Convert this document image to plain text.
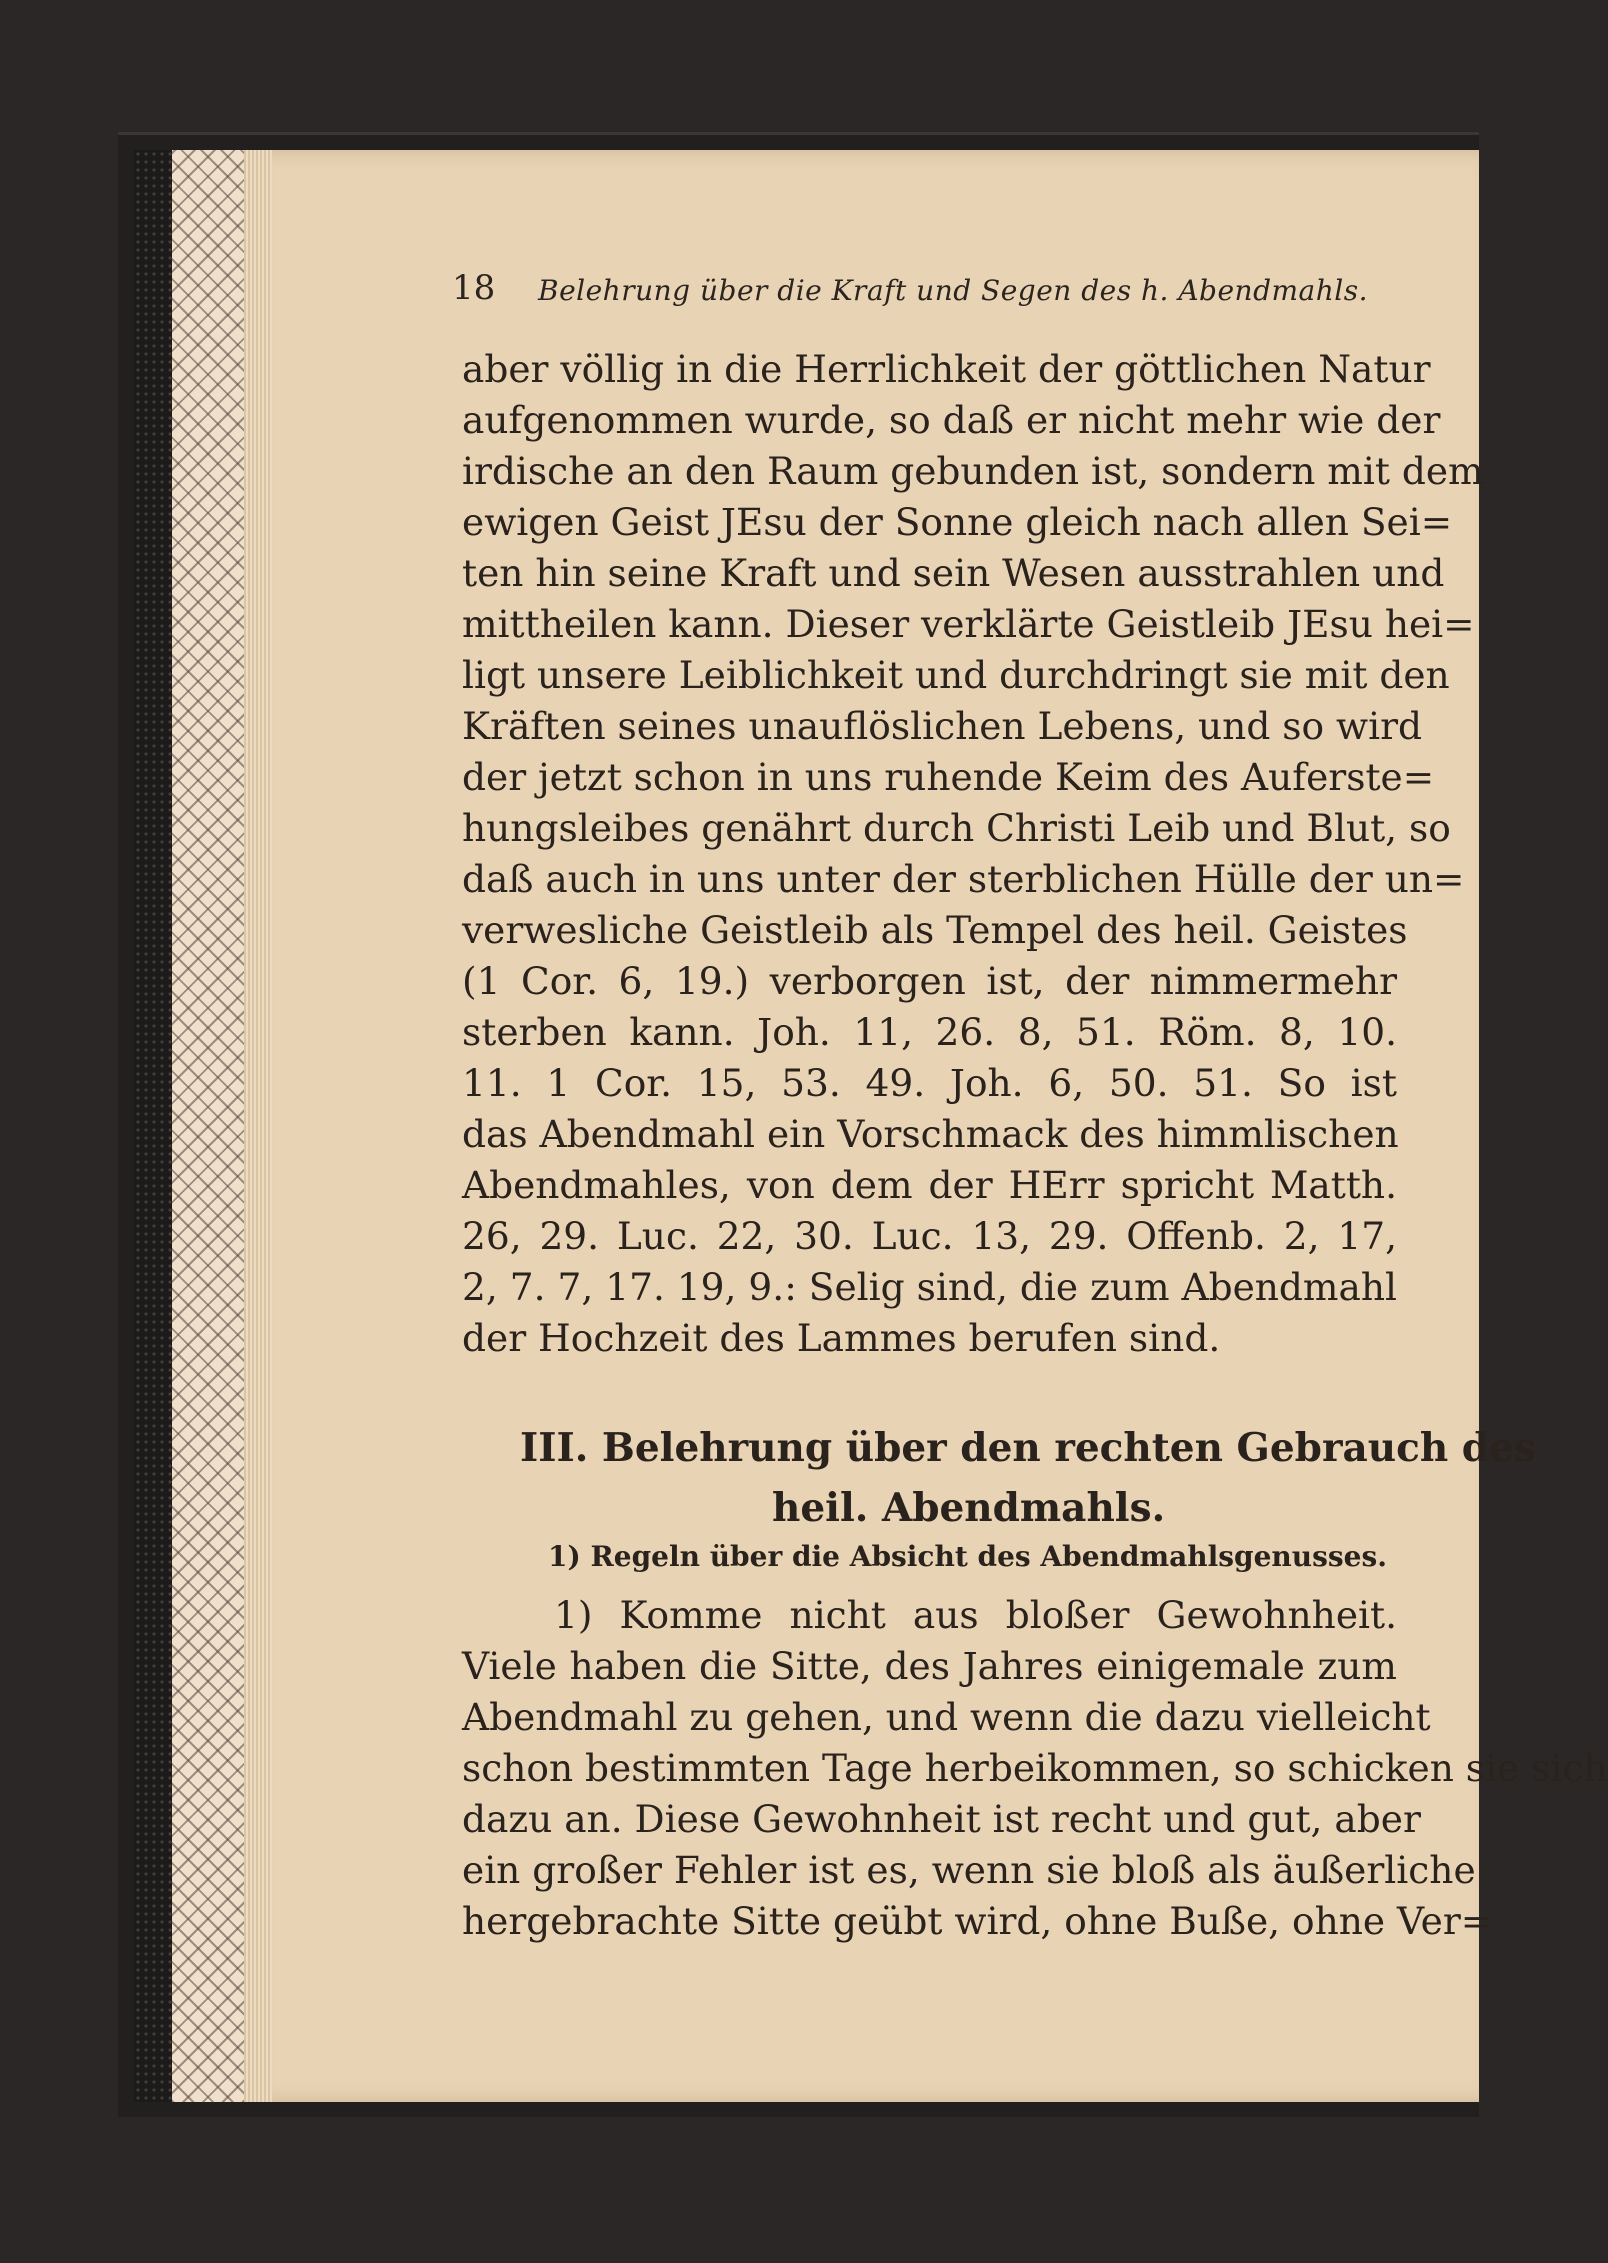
18 Belehrung über die Kraft und Segen des h. Abendmahls.
aber völlig in die Herrlichkeit der göttlichen Natur
aufgenommen wurde, so daß er nicht mehr wie der
irdische an den Raum gebunden ist, sondern mit dem
ewigen Geist JEsu der Sonne gleich nach allen Sei=
ten hin seine Kraft und sein Wesen ausstrahlen und
mittheilen kann. Dieser verklärte Geistleib JEsu hei=
ligt unsere Leiblichkeit und durchdringt sie mit den
Kräften seines unauflöslichen Lebens, und so wird
der jetzt schon in uns ruhende Keim des Auferste=
hungsleibes genährt durch Christi Leib und Blut, so
daß auch in uns unter der sterblichen Hülle der un=
verwesliche Geistleib als Tempel des heil. Geistes
(1 Cor. 6, 19.) verborgen ist, der nimmermehr
sterben kann. Joh. 11, 26. 8, 51. Röm. 8, 10.
11. 1 Cor. 15, 53. 49. Joh. 6, 50. 51. So ist
das Abendmahl ein Vorschmack des himmlischen
Abendmahles, von dem der HErr spricht Matth.
26, 29. Luc. 22, 30. Luc. 13, 29. Offenb. 2, 17,
2, 7. 7, 17. 19, 9.: Selig sind, die zum Abendmahl
der Hochzeit des Lammes berufen sind.
III. Belehrung über den rechten Gebrauch des
heil. Abendmahls.
1) Regeln über die Absicht des Abendmahlsgenusses.
1) Komme nicht aus bloßer Gewohnheit.
Viele haben die Sitte, des Jahres einigemale zum
Abendmahl zu gehen, und wenn die dazu vielleicht
schon bestimmten Tage herbeikommen, so schicken sie sich
dazu an. Diese Gewohnheit ist recht und gut, aber
ein großer Fehler ist es, wenn sie bloß als äußerliche
hergebrachte Sitte geübt wird, ohne Buße, ohne Ver=
